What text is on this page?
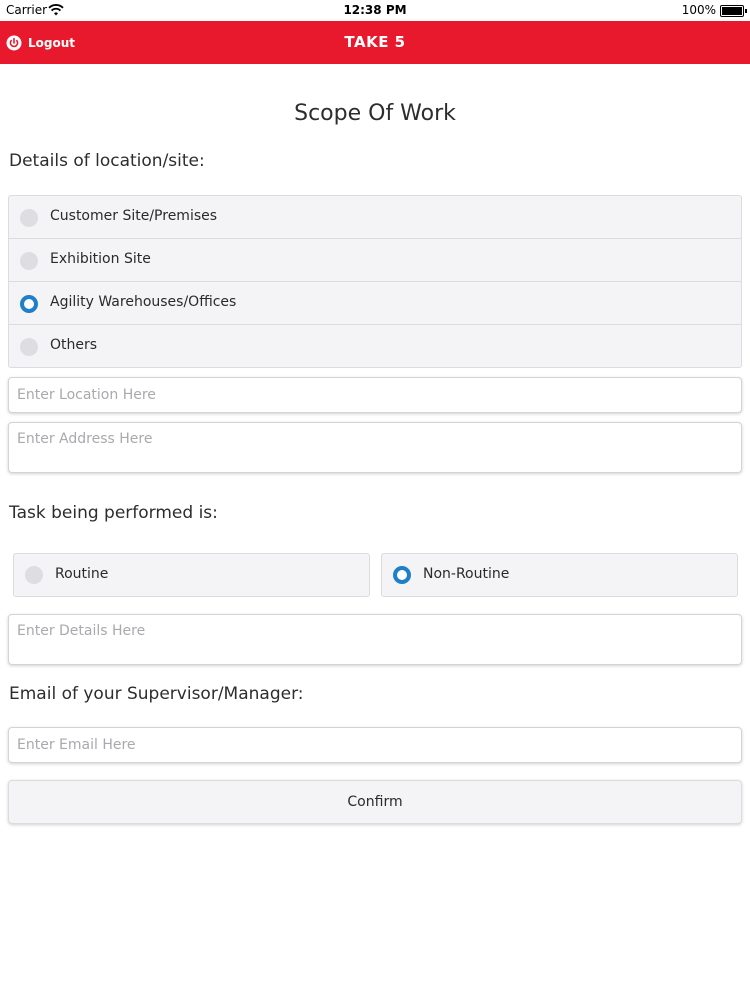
Carrier	12:38 PM	100%
Logout	TAKE 5
Scope Of Work
Details of location/site:
Customer Site/Premises
Exhibition Site
Agility Warehouses/Offices
Others
Enter Location Here
Enter Address Here
Task being performed is:
Routine	Non-Routine
Enter Details Here
Email of your Supervisor/Manager:
Enter Email Here
Confirm
